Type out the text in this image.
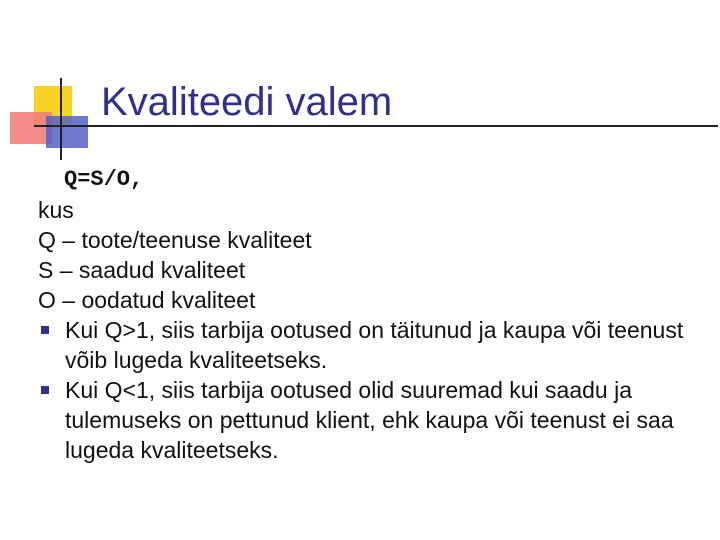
Kvaliteedi valem
Q=S/O,
kus
Q – toote/teenuse kvaliteet
S – saadud kvaliteet
O – oodatud kvaliteet
Kui Q>1, siis tarbija ootused on täitunud ja kaupa või teenust võib lugeda kvaliteetseks.
Kui Q<1, siis tarbija ootused olid suuremad kui saadu ja tulemuseks on pettunud klient, ehk kaupa või teenust ei saa lugeda kvaliteetseks.
